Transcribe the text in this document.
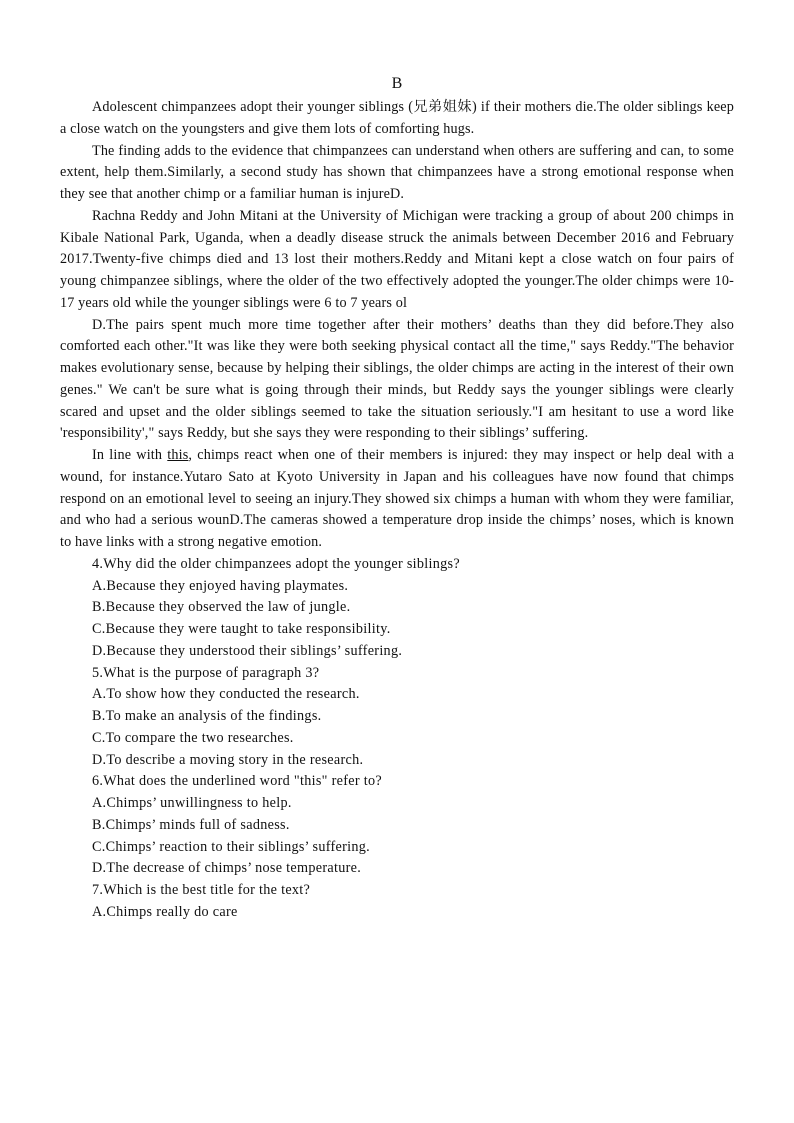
B

Adolescent chimpanzees adopt their younger siblings (兄弟姐妹) if their mothers die.The older siblings keep a close watch on the youngsters and give them lots of comforting hugs.

The finding adds to the evidence that chimpanzees can understand when others are suffering and can, to some extent, help them.Similarly, a second study has shown that chimpanzees have a strong emotional response when they see that another chimp or a familiar human is injureD.

Rachna Reddy and John Mitani at the University of Michigan were tracking a group of about 200 chimps in Kibale National Park, Uganda, when a deadly disease struck the animals between December 2016 and February 2017.Twenty-five chimps died and 13 lost their mothers.Reddy and Mitani kept a close watch on four pairs of young chimpanzee siblings, where the older of the two effectively adopted the younger.The older chimps were 10-17 years old while the younger siblings were 6 to 7 years ol

D.The pairs spent much more time together after their mothers’ deaths than they did before.They also comforted each other."It was like they were both seeking physical contact all the time," says Reddy."The behavior makes evolutionary sense, because by helping their siblings, the older chimps are acting in the interest of their own genes." We can't be sure what is going through their minds, but Reddy says the younger siblings were clearly scared and upset and the older siblings seemed to take the situation seriously."I am hesitant to use a word like 'responsibility'," says Reddy, but she says they were responding to their siblings’ suffering.

In line with this, chimps react when one of their members is injured: they may inspect or help deal with a wound, for instance.Yutaro Sato at Kyoto University in Japan and his colleagues have now found that chimps respond on an emotional level to seeing an injury.They showed six chimps a human with whom they were familiar, and who had a serious wounD.The cameras showed a temperature drop inside the chimps’ noses, which is known to have links with a strong negative emotion.

4.Why did the older chimpanzees adopt the younger siblings?
A.Because they enjoyed having playmates.
B.Because they observed the law of jungle.
C.Because they were taught to take responsibility.
D.Because they understood their siblings’ suffering.
5.What is the purpose of paragraph 3?
A.To show how they conducted the research.
B.To make an analysis of the findings.
C.To compare the two researches.
D.To describe a moving story in the research.
6.What does the underlined word "this" refer to?
A.Chimps’ unwillingness to help.
B.Chimps’ minds full of sadness.
C.Chimps’ reaction to their siblings’ suffering.
D.The decrease of chimps’ nose temperature.
7.Which is the best title for the text?
A.Chimps really do care
